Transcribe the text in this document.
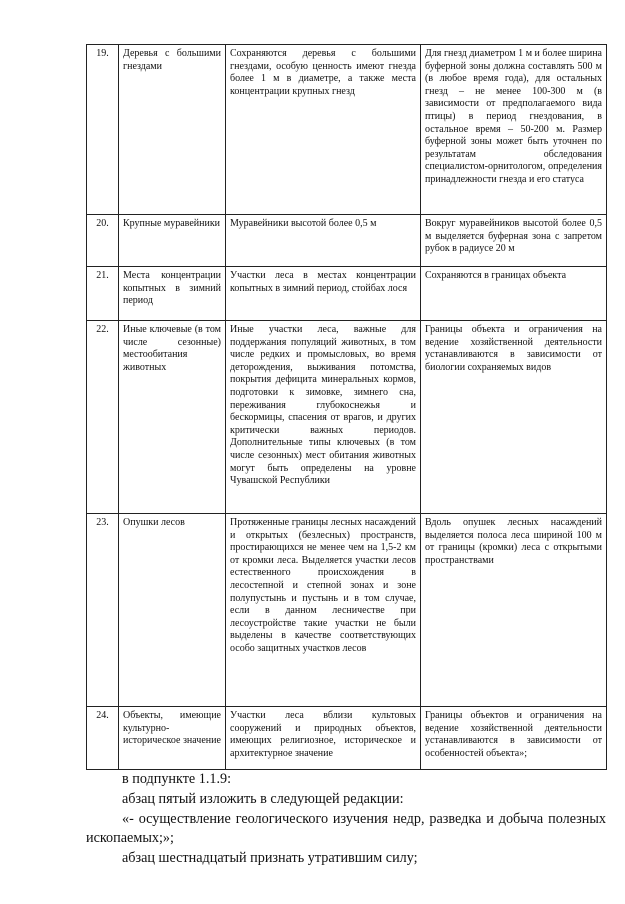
19.	Деревья с большими гнездами	Сохраняются деревья с большими гнездами, особую ценность имеют гнезда более 1 м в диаметре, а также места концентрации крупных гнезд	Для гнезд диаметром 1 м и более ширина буферной зоны должна составлять 500 м (в любое время года), для остальных гнезд – не менее 100-300 м (в зависимости от предполагаемого вида птицы) в период гнездования, в остальное время – 50-200 м. Размер буферной зоны может быть уточнен по результатам обследования специалистом-орнитологом, определения принадлежности гнезда и его статуса
20.	Крупные муравейники	Муравейники высотой более 0,5 м	Вокруг муравейников высотой более 0,5 м выделяется буферная зона с запретом рубок в радиусе 20 м
21.	Места концентрации копытных в зимний период	Участки леса в местах концентрации копытных в зимний период, стойбах лося	Сохраняются в границах объекта
22.	Иные ключевые (в том числе сезонные) местообитания животных	Иные участки леса, важные для поддержания популяций животных, в том числе редких и промысловых, во время деторождения, выживания потомства, покрытия дефицита минеральных кормов, подготовки к зимовке, зимнего сна, переживания глубокоснежья и бескормицы, спасения от врагов, и других критически важных периодов. Дополнительные типы ключевых (в том числе сезонных) мест обитания животных могут быть определены на уровне Чувашской Республики	Границы объекта и ограничения на ведение хозяйственной деятельности устанавливаются в зависимости от биологии сохраняемых видов
23.	Опушки лесов	Протяженные границы лесных насаждений и открытых (безлесных) пространств, простирающихся не менее чем на 1,5-2 км от кромки леса. Выделяется участки лесов естественного происхождения в лесостепной и степной зонах и зоне полупустынь и пустынь и в том случае, если в данном лесничестве при лесоустройстве такие участки не были выделены в качестве соответствующих особо защитных участков лесов	Вдоль опушек лесных насаждений выделяется полоса леса шириной 100 м от границы (кромки) леса с открытыми пространствами
24.	Объекты, имеющие культурно-историческое значение	Участки леса вблизи культовых сооружений и природных объектов, имеющих религиозное, историческое и архитектурное значение	Границы объектов и ограничения на ведение хозяйственной деятельности устанавливаются в зависимости от особенностей объекта»;

в подпункте 1.1.9:

абзац пятый изложить в следующей редакции:

«- осуществление геологического изучения недр, разведка и добыча полезных ископаемых;»;

абзац шестнадцатый признать утратившим силу;
